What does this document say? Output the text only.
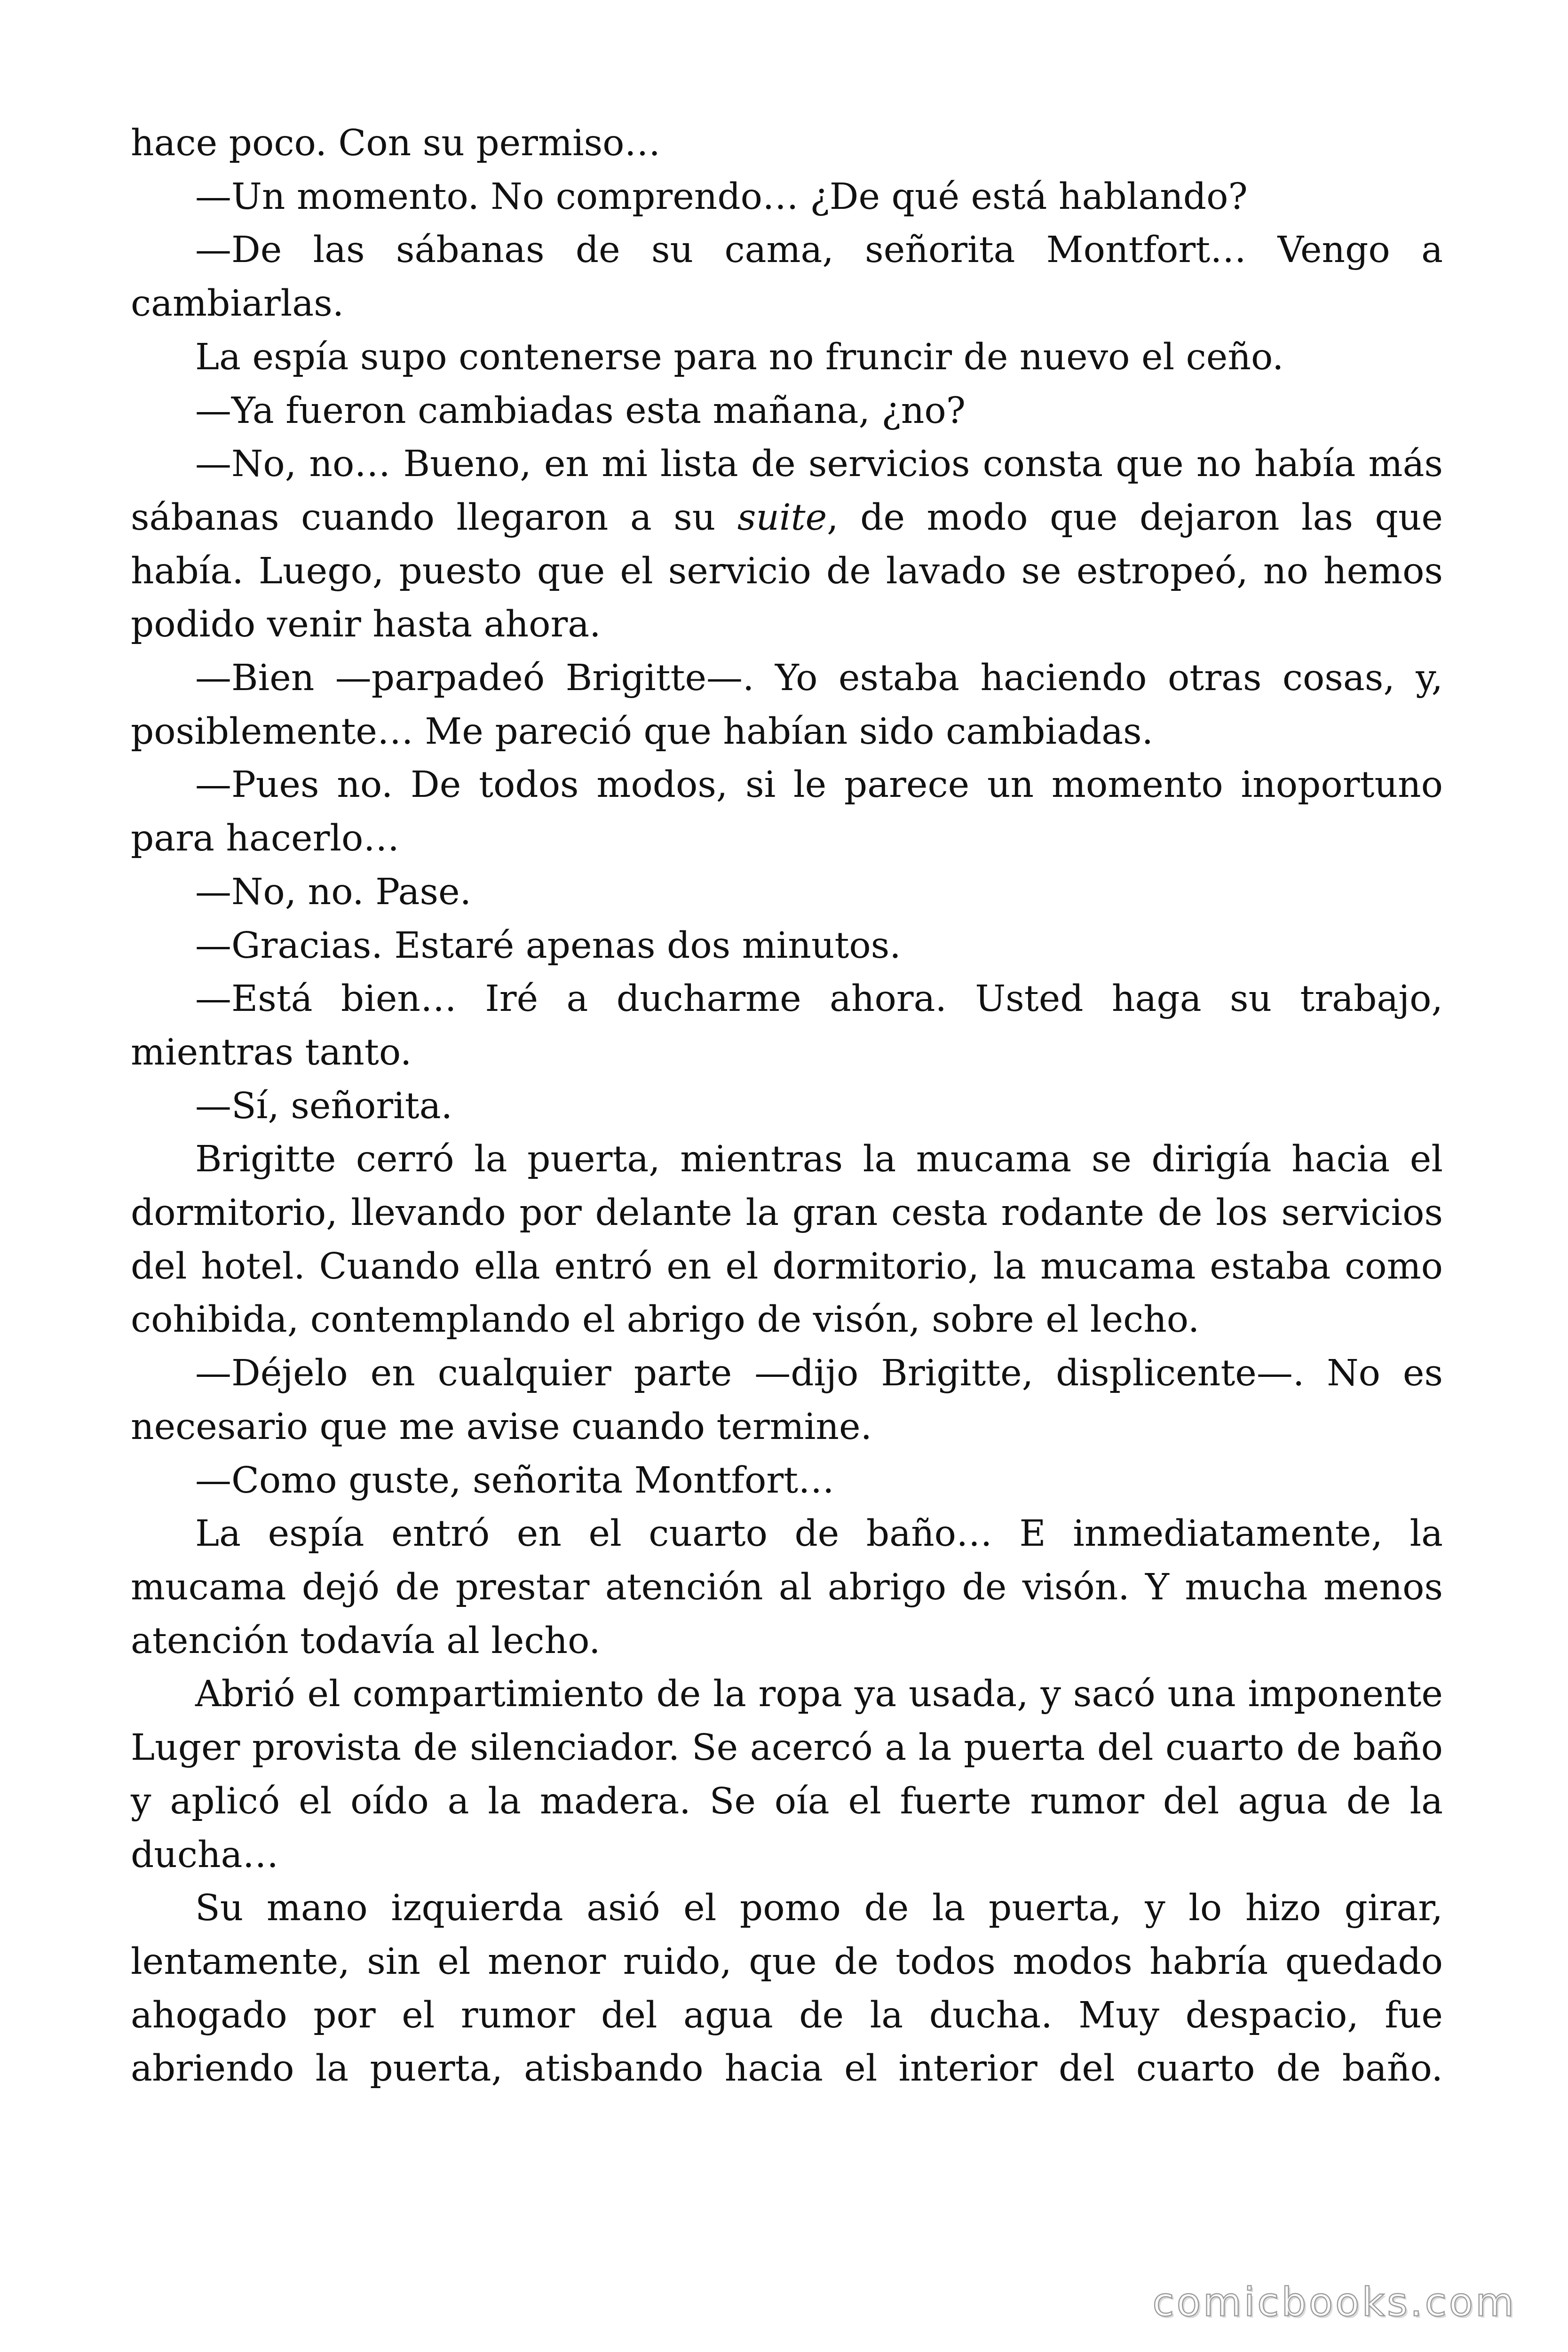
hace poco. Con su permiso…

—Un momento. No comprendo… ¿De qué está hablando?

—De las sábanas de su cama, señorita Montfort… Vengo a cambiarlas.

La espía supo contenerse para no fruncir de nuevo el ceño.

—Ya fueron cambiadas esta mañana, ¿no?

—No, no… Bueno, en mi lista de servicios consta que no había más sábanas cuando llegaron a su suite, de modo que dejaron las que había. Luego, puesto que el servicio de lavado se estropeó, no hemos podido venir hasta ahora.

—Bien —parpadeó Brigitte—. Yo estaba haciendo otras cosas, y, posiblemente… Me pareció que habían sido cambiadas.

—Pues no. De todos modos, si le parece un momento inoportuno para hacerlo…

—No, no. Pase.

—Gracias. Estaré apenas dos minutos.

—Está bien… Iré a ducharme ahora. Usted haga su trabajo, mientras tanto.

—Sí, señorita.

Brigitte cerró la puerta, mientras la mucama se dirigía hacia el dormitorio, llevando por delante la gran cesta rodante de los servicios del hotel. Cuando ella entró en el dormitorio, la mucama estaba como cohibida, contemplando el abrigo de visón, sobre el lecho.

—Déjelo en cualquier parte —dijo Brigitte, displicente—. No es necesario que me avise cuando termine.

—Como guste, señorita Montfort…

La espía entró en el cuarto de baño… E inmediatamente, la mucama dejó de prestar atención al abrigo de visón. Y mucha menos atención todavía al lecho.

Abrió el compartimiento de la ropa ya usada, y sacó una imponente Luger provista de silenciador. Se acercó a la puerta del cuarto de baño y aplicó el oído a la madera. Se oía el fuerte rumor del agua de la ducha…

Su mano izquierda asió el pomo de la puerta, y lo hizo girar, lentamente, sin el menor ruido, que de todos modos habría quedado ahogado por el rumor del agua de la ducha. Muy despacio, fue abriendo la puerta, atisbando hacia el interior del cuarto de baño.

comicbooks.com
